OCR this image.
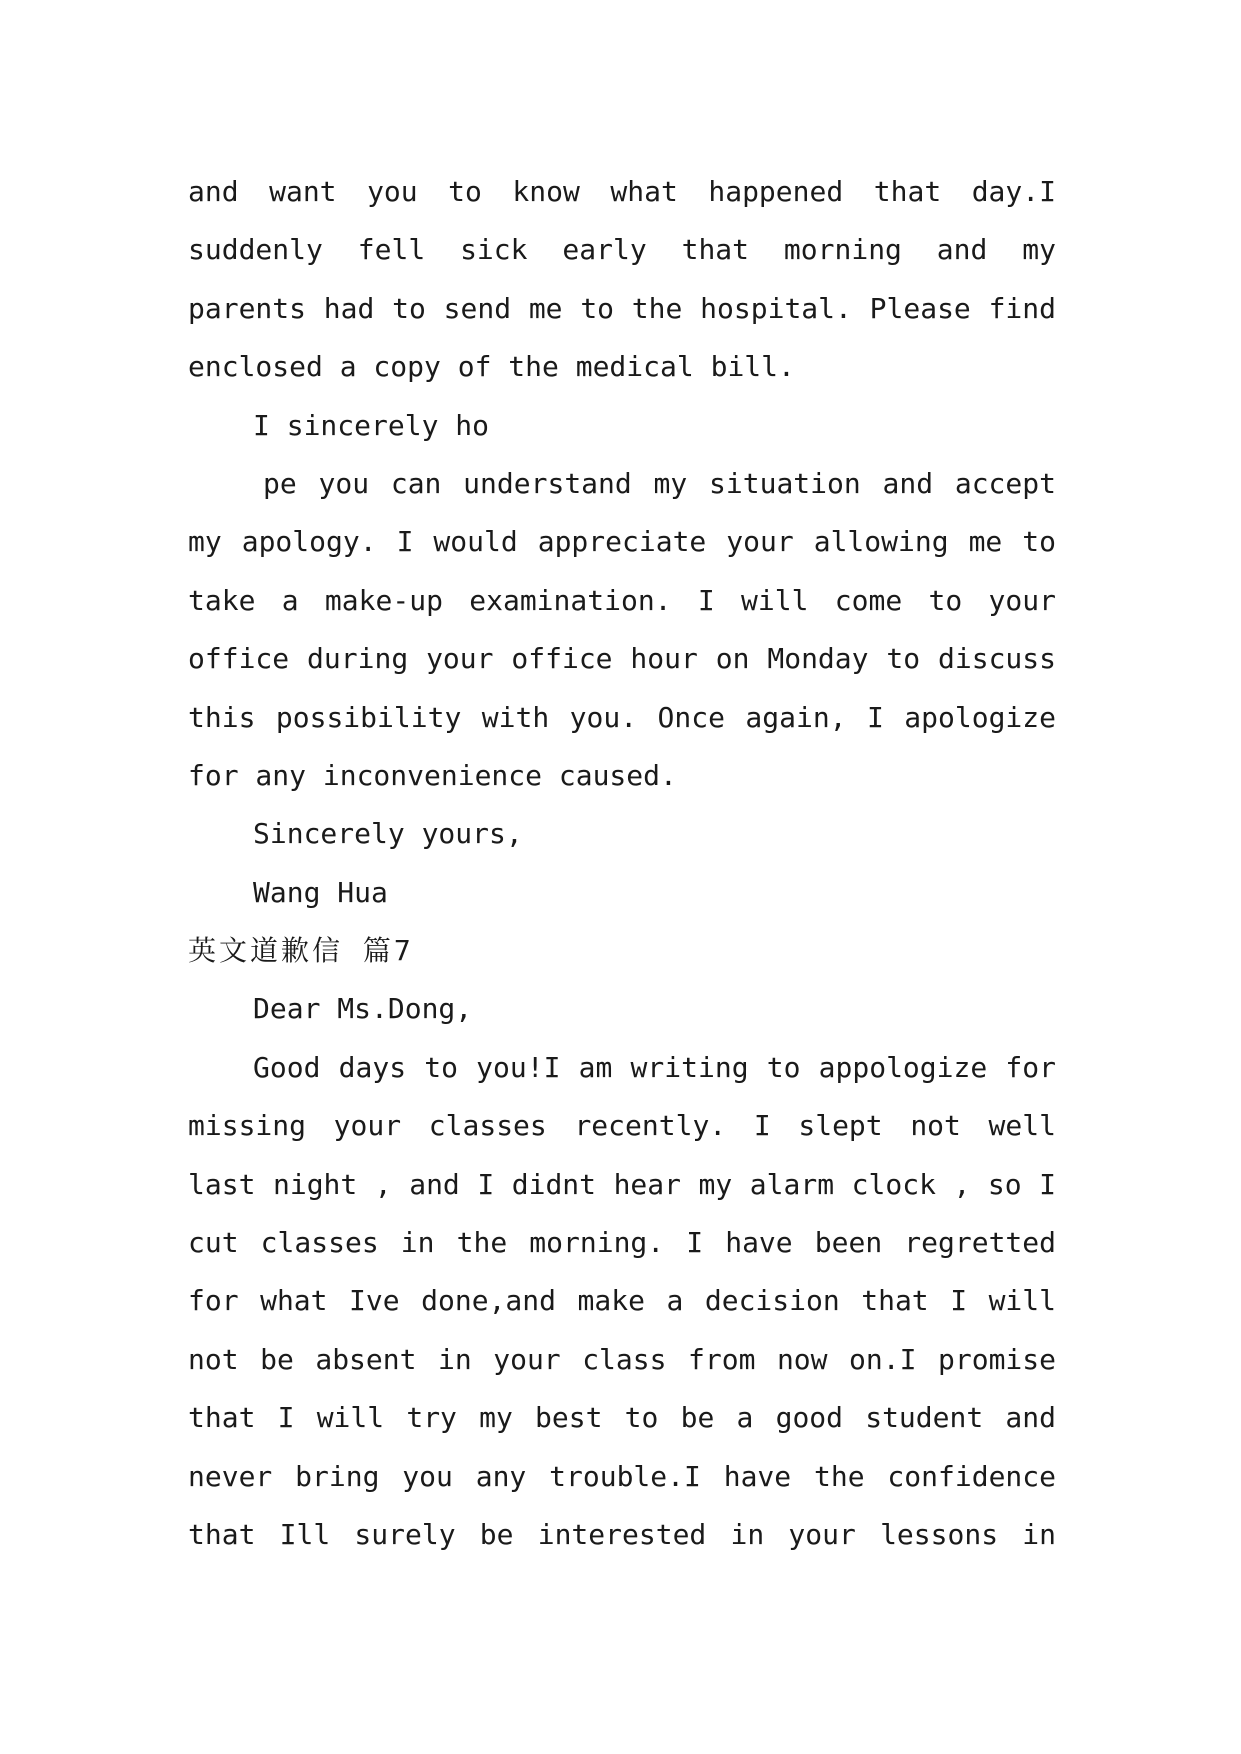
and want you to know what happened that day.I
suddenly fell sick early that morning and my
parents had to send me to the hospital. Please find
enclosed a copy of the medical bill.
I sincerely ho
pe you can understand my situation and accept
my apology. I would appreciate your allowing me to
take a make-up examination. I will come to your
office during your office hour on Monday to discuss
this possibility with you. Once again, I apologize
for any inconvenience caused.
Sincerely yours,
Wang Hua
英文道歉信 篇7
Dear Ms.Dong,
Good days to you!I am writing to appologize for
missing your classes recently. I slept not well
last night , and I didnt hear my alarm clock , so I
cut classes in the morning. I have been regretted
for what Ive done,and make a decision that I will
not be absent in your class from now on.I promise
that I will try my best to be a good student and
never bring you any trouble.I have the confidence
that Ill surely be interested in your lessons in
